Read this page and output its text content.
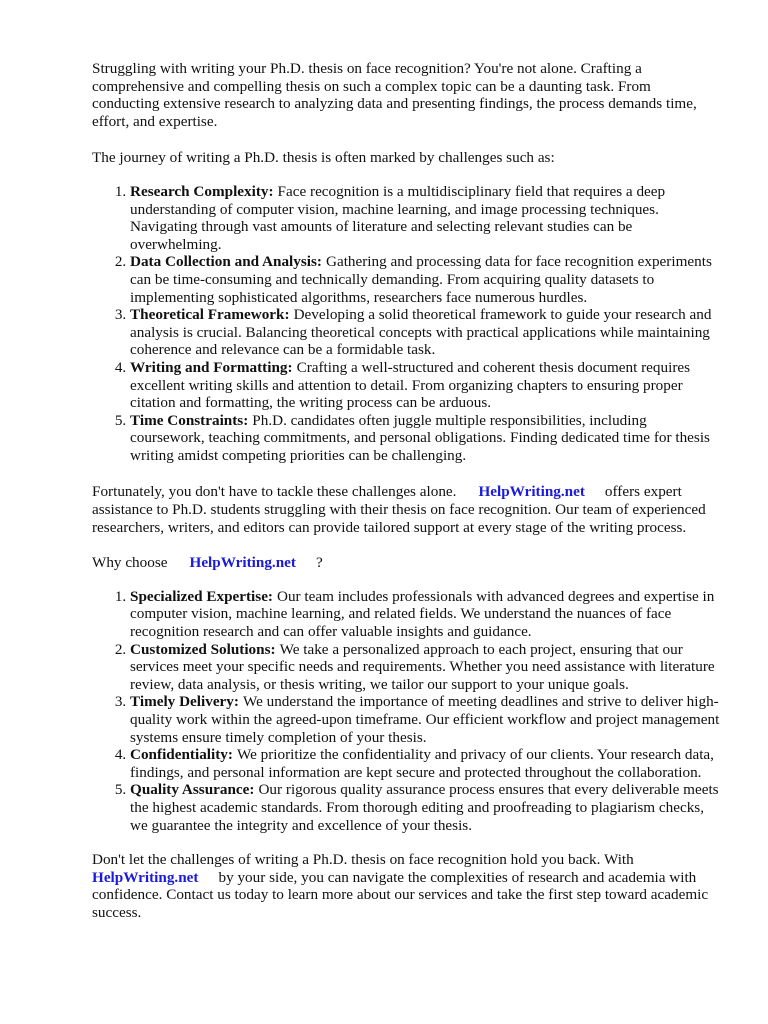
Struggling with writing your Ph.D. thesis on face recognition? You're not alone. Crafting a comprehensive and compelling thesis on such a complex topic can be a daunting task. From conducting extensive research to analyzing data and presenting findings, the process demands time, effort, and expertise.

The journey of writing a Ph.D. thesis is often marked by challenges such as:

1. Research Complexity: Face recognition is a multidisciplinary field that requires a deep understanding of computer vision, machine learning, and image processing techniques. Navigating through vast amounts of literature and selecting relevant studies can be overwhelming.
2. Data Collection and Analysis: Gathering and processing data for face recognition experiments can be time-consuming and technically demanding. From acquiring quality datasets to implementing sophisticated algorithms, researchers face numerous hurdles.
3. Theoretical Framework: Developing a solid theoretical framework to guide your research and analysis is crucial. Balancing theoretical concepts with practical applications while maintaining coherence and relevance can be a formidable task.
4. Writing and Formatting: Crafting a well-structured and coherent thesis document requires excellent writing skills and attention to detail. From organizing chapters to ensuring proper citation and formatting, the writing process can be arduous.
5. Time Constraints: Ph.D. candidates often juggle multiple responsibilities, including coursework, teaching commitments, and personal obligations. Finding dedicated time for thesis writing amidst competing priorities can be challenging.

Fortunately, you don't have to tackle these challenges alone. HelpWriting.net offers expert assistance to Ph.D. students struggling with their thesis on face recognition. Our team of experienced researchers, writers, and editors can provide tailored support at every stage of the writing process.

Why choose HelpWriting.net ?

1. Specialized Expertise: Our team includes professionals with advanced degrees and expertise in computer vision, machine learning, and related fields. We understand the nuances of face recognition research and can offer valuable insights and guidance.
2. Customized Solutions: We take a personalized approach to each project, ensuring that our services meet your specific needs and requirements. Whether you need assistance with literature review, data analysis, or thesis writing, we tailor our support to your unique goals.
3. Timely Delivery: We understand the importance of meeting deadlines and strive to deliver high-quality work within the agreed-upon timeframe. Our efficient workflow and project management systems ensure timely completion of your thesis.
4. Confidentiality: We prioritize the confidentiality and privacy of our clients. Your research data, findings, and personal information are kept secure and protected throughout the collaboration.
5. Quality Assurance: Our rigorous quality assurance process ensures that every deliverable meets the highest academic standards. From thorough editing and proofreading to plagiarism checks, we guarantee the integrity and excellence of your thesis.

Don't let the challenges of writing a Ph.D. thesis on face recognition hold you back. With
HelpWriting.net by your side, you can navigate the complexities of research and academia with confidence. Contact us today to learn more about our services and take the first step toward academic success.
